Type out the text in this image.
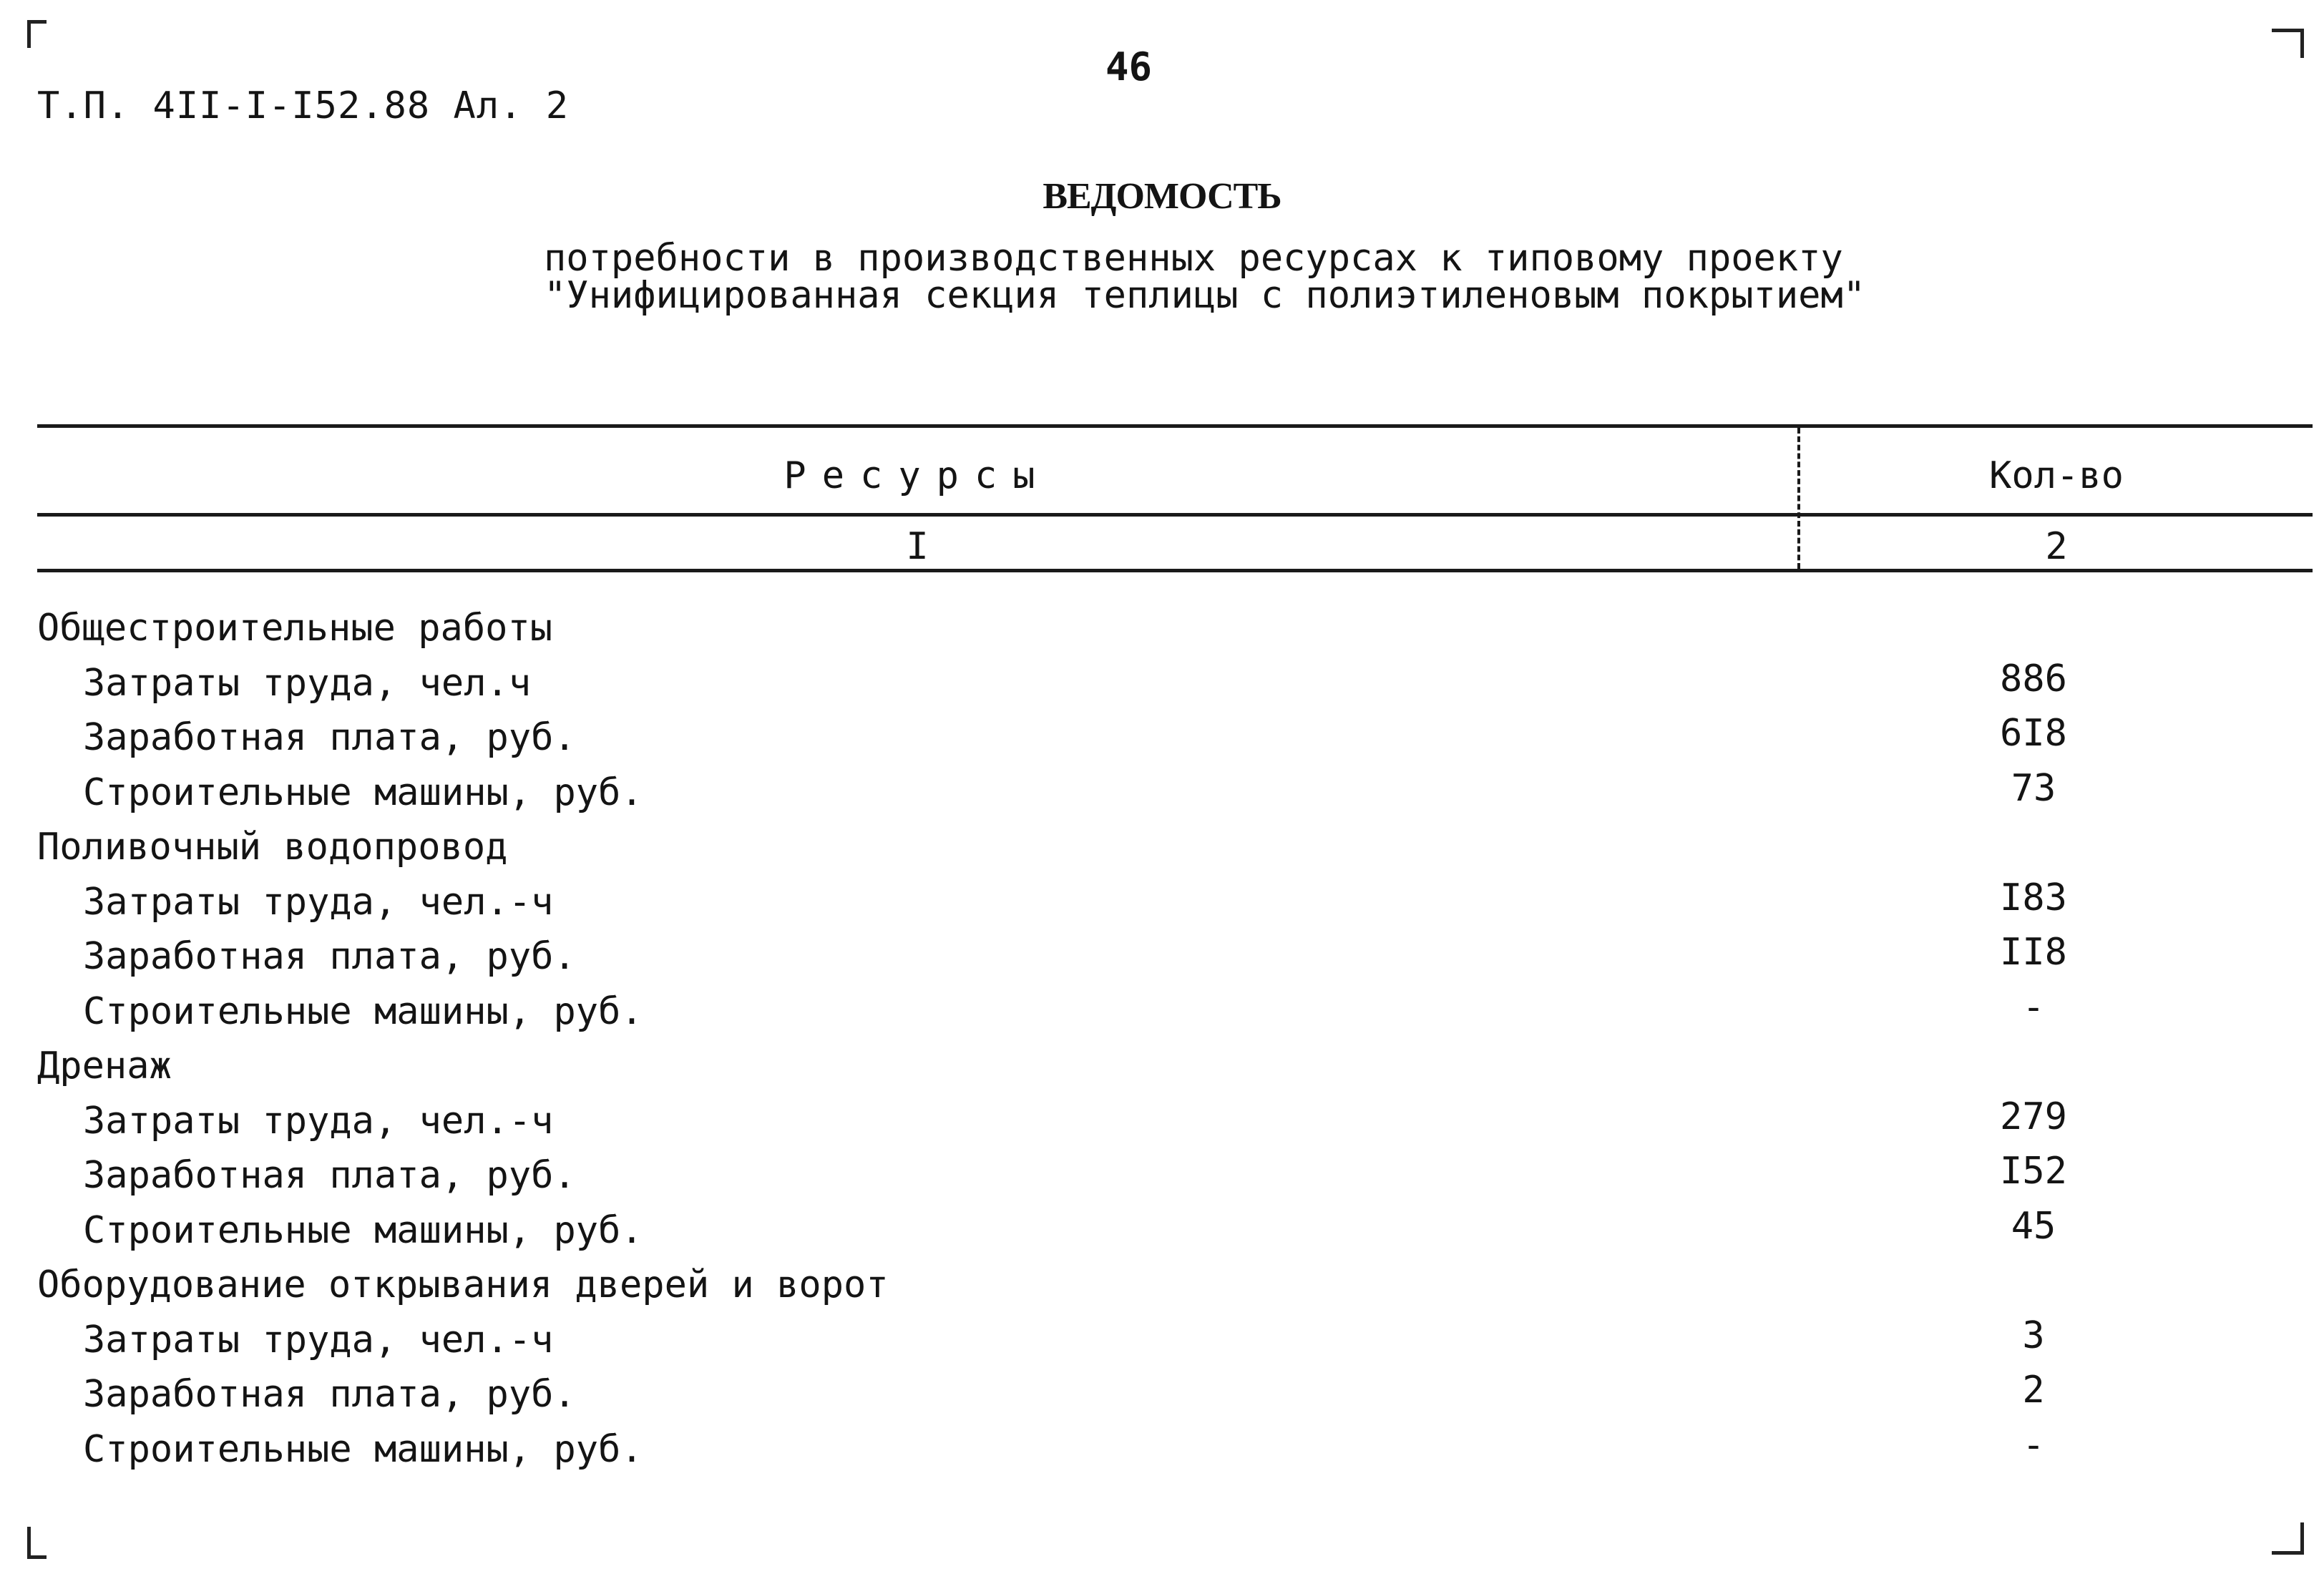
Т.П. 4II-I-I52.88 Ал. 2
46
ВЕДОМОСТЬ
потребности в производственных ресурсах к типовому проекту
"Унифицированная секция теплицы с полиэтиленовым покрытием"
Ресурсы	Кол-во
I	2
Общестроительные работы
Затраты труда, чел.ч	886
Заработная плата, руб.	6I8
Строительные машины, руб.	73
Поливочный водопровод
Затраты труда, чел.-ч	I83
Заработная плата, руб.	II8
Строительные машины, руб.	-
Дренаж
Затраты труда, чел.-ч	279
Заработная плата, руб.	I52
Строительные машины, руб.	45
Оборудование открывания дверей и ворот
Затраты труда, чел.-ч	3
Заработная плата, руб.	2
Строительные машины, руб.	-
